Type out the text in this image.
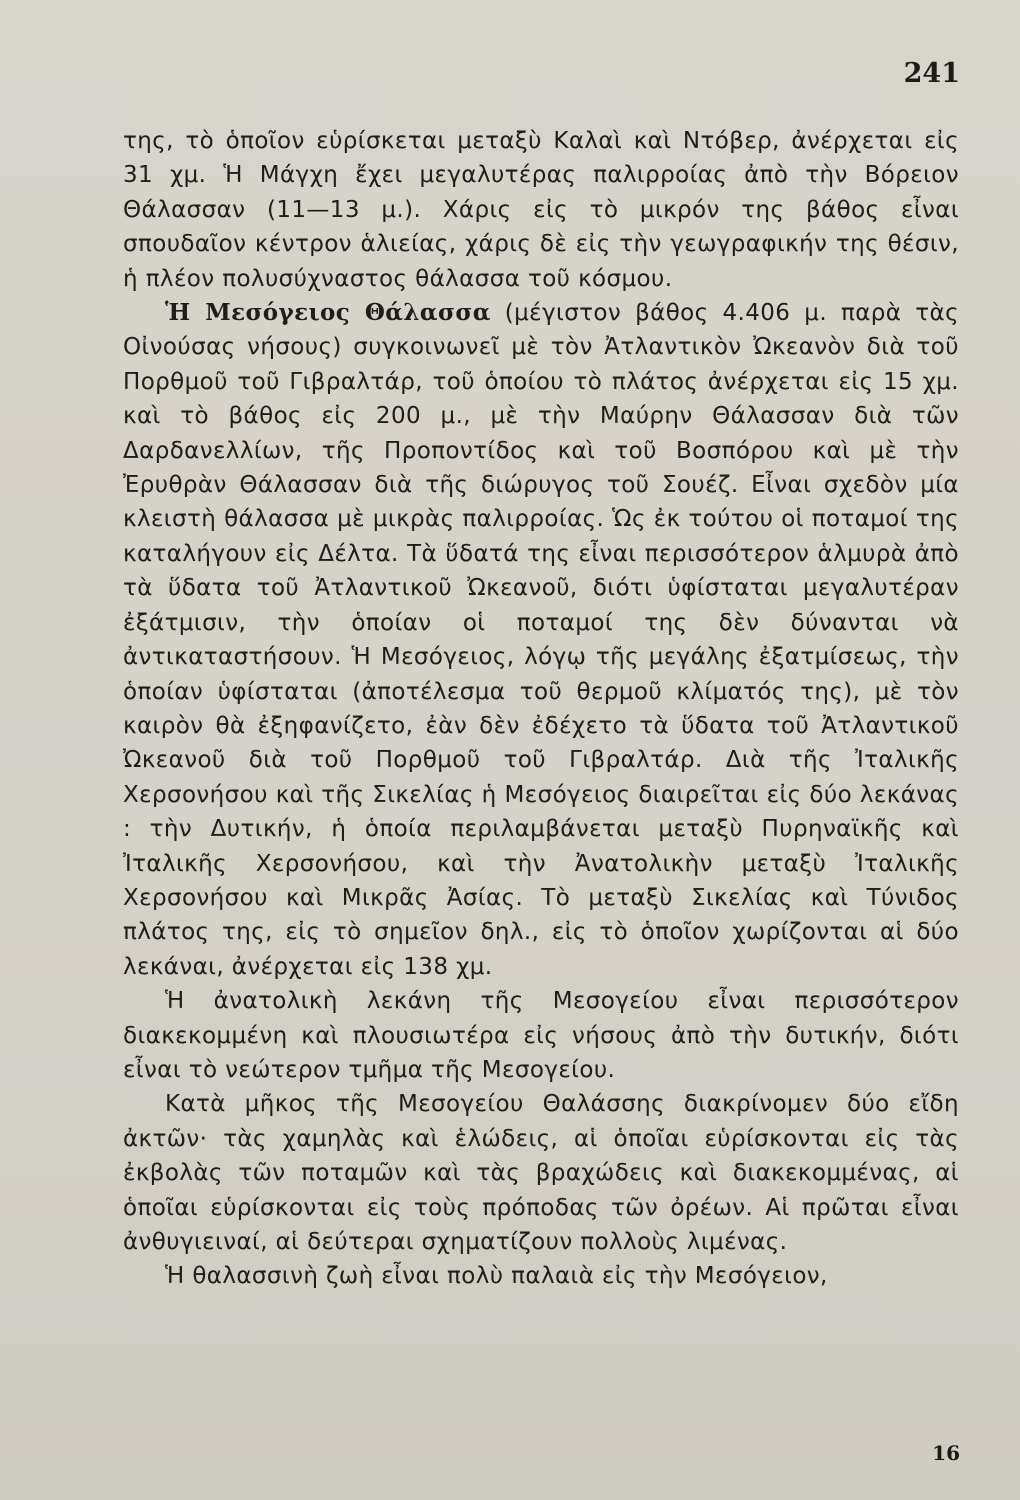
241

της, τὸ ὁποῖον εὑρίσκεται μεταξὺ Καλαὶ καὶ Ντόβερ, ἀνέρχεται εἰς 31 χμ. Ἡ Μάγχη ἔχει μεγαλυτέρας παλιρροίας ἀπὸ τὴν Βόρειον Θάλασσαν (11—13 μ.). Χάρις εἰς τὸ μικρόν της βάθος εἶναι σπουδαῖον κέντρον ἁλιείας, χάρις δὲ εἰς τὴν γεωγραφικήν της θέσιν, ἡ πλέον πολυσύχναστος θάλασσα τοῦ κόσμου.

Ἡ Μεσόγειος Θάλασσα (μέγιστον βάθος 4.406 μ. παρὰ τὰς Οἰνούσας νήσους) συγκοινωνεῖ μὲ τὸν Ἀτλαντικὸν Ὠκεανὸν διὰ τοῦ Πορθμοῦ τοῦ Γιβραλτάρ, τοῦ ὁποίου τὸ πλάτος ἀνέρχεται εἰς 15 χμ. καὶ τὸ βάθος εἰς 200 μ., μὲ τὴν Μαύρην Θάλασσαν διὰ τῶν Δαρδανελλίων, τῆς Προποντίδος καὶ τοῦ Βοσπόρου καὶ μὲ τὴν Ἐρυθρὰν Θάλασσαν διὰ τῆς διώρυγος τοῦ Σουέζ. Εἶναι σχεδὸν μία κλειστὴ θάλασσα μὲ μικρὰς παλιρροίας. Ὡς ἐκ τούτου οἱ ποταμοί της καταλήγουν εἰς Δέλτα. Τὰ ὕδατά της εἶναι περισσότερον ἁλμυρὰ ἀπὸ τὰ ὕδατα τοῦ Ἀτλαντικοῦ Ὠκεανοῦ, διότι ὑφίσταται μεγαλυτέραν ἐξάτμισιν, τὴν ὁποίαν οἱ ποταμοί της δὲν δύνανται νὰ ἀντικαταστήσουν. Ἡ Μεσόγειος, λόγῳ τῆς μεγάλης ἐξατμίσεως, τὴν ὁποίαν ὑφίσταται (ἀποτέλεσμα τοῦ θερμοῦ κλίματός της), μὲ τὸν καιρὸν θὰ ἐξηφανίζετο, ἐὰν δὲν ἐδέχετο τὰ ὕδατα τοῦ Ἀτλαντικοῦ Ὠκεανοῦ διὰ τοῦ Πορθμοῦ τοῦ Γιβραλτάρ. Διὰ τῆς Ἰταλικῆς Χερσονήσου καὶ τῆς Σικελίας ἡ Μεσόγειος διαιρεῖται εἰς δύο λεκάνας : τὴν Δυτικήν, ἡ ὁποία περιλαμβάνεται μεταξὺ Πυρηναϊκῆς καὶ Ἰταλικῆς Χερσονήσου, καὶ τὴν Ἀνατολικὴν μεταξὺ Ἰταλικῆς Χερσονήσου καὶ Μικρᾶς Ἀσίας. Τὸ μεταξὺ Σικελίας καὶ Τύνιδος πλάτος της, εἰς τὸ σημεῖον δηλ., εἰς τὸ ὁποῖον χωρίζονται αἱ δύο λεκάναι, ἀνέρχεται εἰς 138 χμ.

Ἡ ἀνατολικὴ λεκάνη τῆς Μεσογείου εἶναι περισσότερον διακεκομμένη καὶ πλουσιωτέρα εἰς νήσους ἀπὸ τὴν δυτικήν, διότι εἶναι τὸ νεώτερον τμῆμα τῆς Μεσογείου.

Κατὰ μῆκος τῆς Μεσογείου Θαλάσσης διακρίνομεν δύο εἴδη ἀκτῶν· τὰς χαμηλὰς καὶ ἑλώδεις, αἱ ὁποῖαι εὑρίσκονται εἰς τὰς ἐκβολὰς τῶν ποταμῶν καὶ τὰς βραχώδεις καὶ διακεκομμένας, αἱ ὁποῖαι εὑρίσκονται εἰς τοὺς πρόποδας τῶν ὀρέων. Αἱ πρῶται εἶναι ἀνθυγιειναί, αἱ δεύτεραι σχηματίζουν πολλοὺς λιμένας.

Ἡ θαλασσινὴ ζωὴ εἶναι πολὺ παλαιὰ εἰς τὴν Μεσόγειον,

16
